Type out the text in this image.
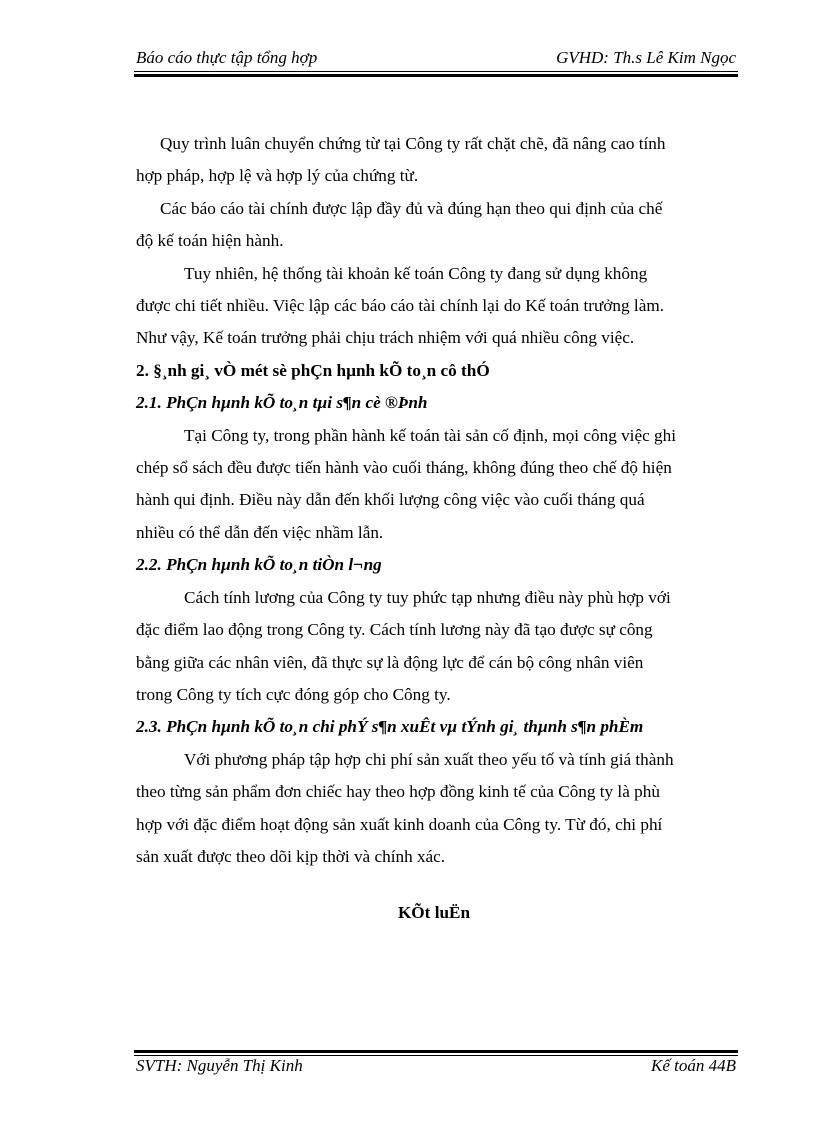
Báo cáo thực tập tổng hợp	GVHD: Th.s Lê Kim Ngọc
Quy trình luân chuyển chứng từ tại Công ty rất chặt chẽ, đã nâng cao tính
hợp pháp, hợp lệ và hợp lý của chứng từ.
Các báo cáo tài chính được lập đầy đủ và đúng hạn theo qui định của chế
độ kế toán hiện hành.
Tuy nhiên, hệ thống tài khoản kế toán Công ty đang sử dụng không
được chi tiết nhiều. Việc lập các báo cáo tài chính lại do Kế toán trưởng làm.
Như vậy, Kế toán trưởng phải chịu trách nhiệm với quá nhiều công việc.
2. §¸nh gi¸ vÒ mét sè phÇn hµnh kÕ to¸n cô thÓ
2.1. PhÇn hµnh kÕ to¸n tµi s¶n cè ®Þnh
Tại Công ty, trong phần hành kế toán tài sản cố định, mọi công việc ghi
chép sổ sách đều được tiến hành vào cuối tháng, không đúng theo chế độ hiện
hành qui định. Điều này dẫn đến khối lượng công việc vào cuối tháng quá
nhiều có thể dẫn đến việc nhầm lẫn.
2.2. PhÇn hµnh kÕ to¸n tiÒn l¬ng
Cách tính lương của Công ty tuy phức tạp nhưng điều này phù hợp với
đặc điểm lao động trong Công ty. Cách tính lương này đã tạo được sự công
bằng giữa các nhân viên, đã thực sự là động lực để cán bộ công nhân viên
trong Công ty tích cực đóng góp cho Công ty.
2.3. PhÇn hµnh kÕ to¸n chi phÝ s¶n xuÊt vµ tÝnh gi¸ thµnh s¶n phÈm
Với phương pháp tập hợp chi phí sản xuất theo yếu tố và tính giá thành
theo từng sản phẩm đơn chiếc hay theo hợp đồng kinh tế của Công ty là phù
hợp với đặc điểm hoạt động sản xuất kinh doanh của Công ty. Từ đó, chi phí
sản xuất được theo dõi kịp thời và chính xác.
KÕt luËn
SVTH: Nguyễn Thị Kinh	Kế toán 44B
